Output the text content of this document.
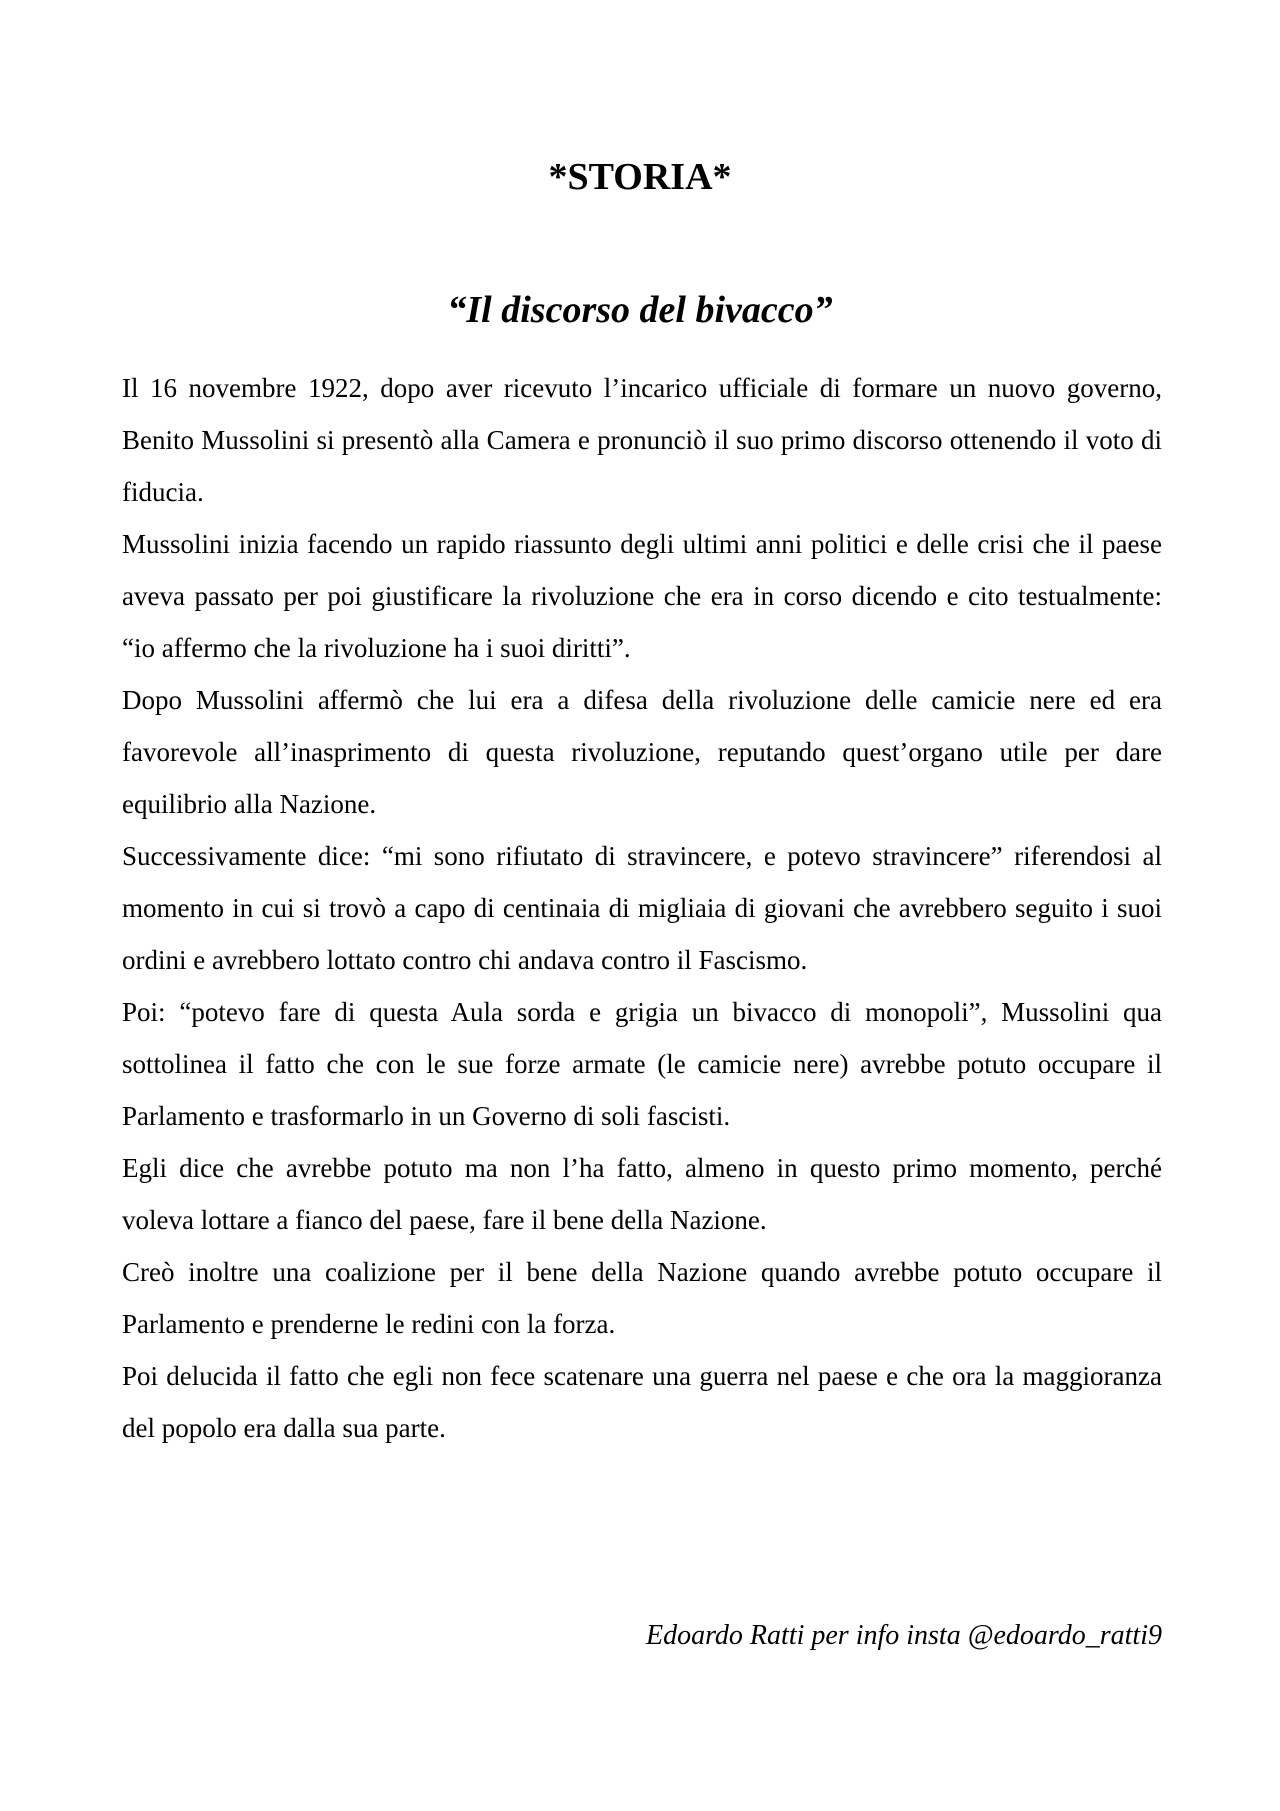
*STORIA*
“Il discorso del bivacco”

Il 16 novembre 1922, dopo aver ricevuto l’incarico ufficiale di formare un nuovo governo, Benito Mussolini si presentò alla Camera e pronunciò il suo primo discorso ottenendo il voto di fiducia.

Mussolini inizia facendo un rapido riassunto degli ultimi anni politici e delle crisi che il paese aveva passato per poi giustificare la rivoluzione che era in corso dicendo e cito testualmente: “io affermo che la rivoluzione ha i suoi diritti”.

Dopo Mussolini affermò che lui era a difesa della rivoluzione delle camicie nere ed era favorevole all’inasprimento di questa rivoluzione, reputando quest’organo utile per dare equilibrio alla Nazione.

Successivamente dice: “mi sono rifiutato di stravincere, e potevo stravincere” riferendosi al momento in cui si trovò a capo di centinaia di migliaia di giovani che avrebbero seguito i suoi ordini e avrebbero lottato contro chi andava contro il Fascismo.

Poi: “potevo fare di questa Aula sorda e grigia un bivacco di monopoli”, Mussolini qua sottolinea il fatto che con le sue forze armate (le camicie nere) avrebbe potuto occupare il Parlamento e trasformarlo in un Governo di soli fascisti.

Egli dice che avrebbe potuto ma non l’ha fatto, almeno in questo primo momento, perché voleva lottare a fianco del paese, fare il bene della Nazione.

Creò inoltre una coalizione per il bene della Nazione quando avrebbe potuto occupare il Parlamento e prenderne le redini con la forza.

Poi delucida il fatto che egli non fece scatenare una guerra nel paese e che ora la maggioranza del popolo era dalla sua parte.

Edoardo Ratti per info insta @edoardo_ratti9
